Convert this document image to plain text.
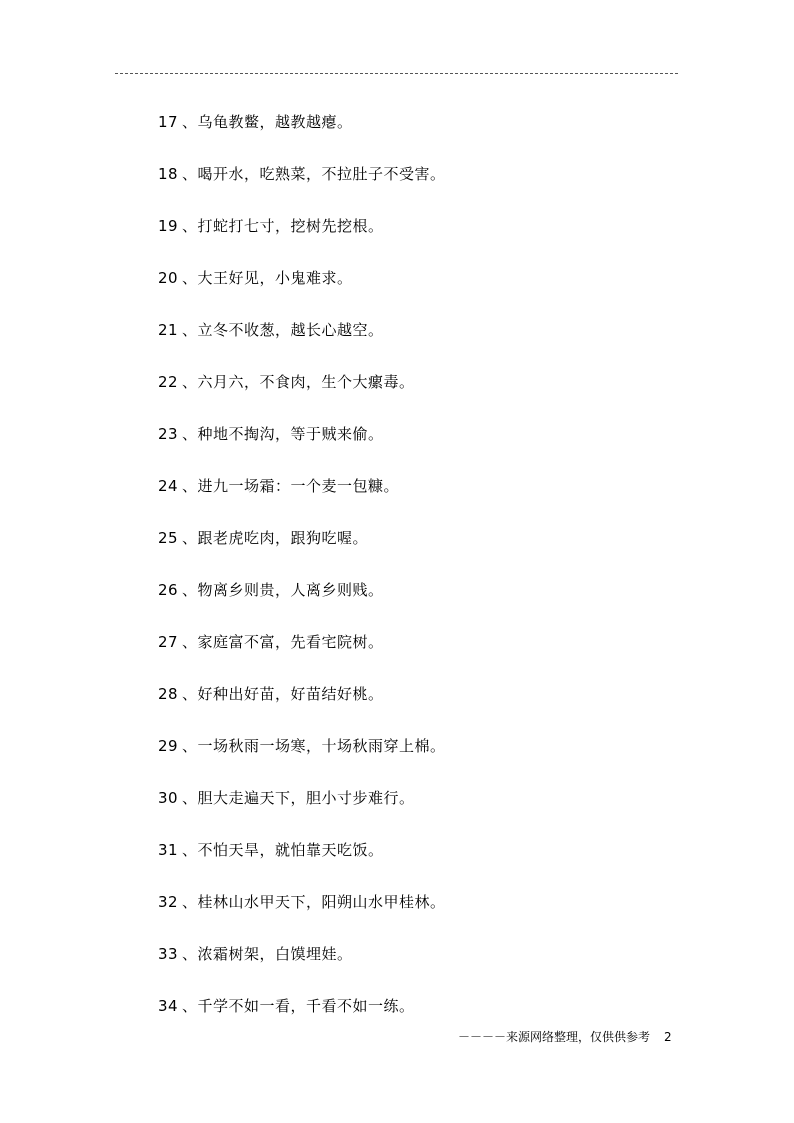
17 、乌龟教鳖，越教越瘪。
18 、喝开水，吃熟菜，不拉肚子不受害。
19 、打蛇打七寸，挖树先挖根。
20 、大王好见，小鬼难求。
21 、立冬不收葱，越长心越空。
22 、六月六，不食肉，生个大瘰毒。
23 、种地不掏沟，等于贼来偷。
24 、进九一场霜：一个麦一包糠。
25 、跟老虎吃肉，跟狗吃喔。
26 、物离乡则贵，人离乡则贱。
27 、家庭富不富，先看宅院树。
28 、好种出好苗，好苗结好桃。
29 、一场秋雨一场寒，十场秋雨穿上棉。
30 、胆大走遍天下，胆小寸步难行。
31 、不怕天旱，就怕靠天吃饭。
32 、桂林山水甲天下，阳朔山水甲桂林。
33 、浓霜树架，白馍埋娃。
34 、千学不如一看，千看不如一练。
－－－－来源网络整理，仅供供参考 2
